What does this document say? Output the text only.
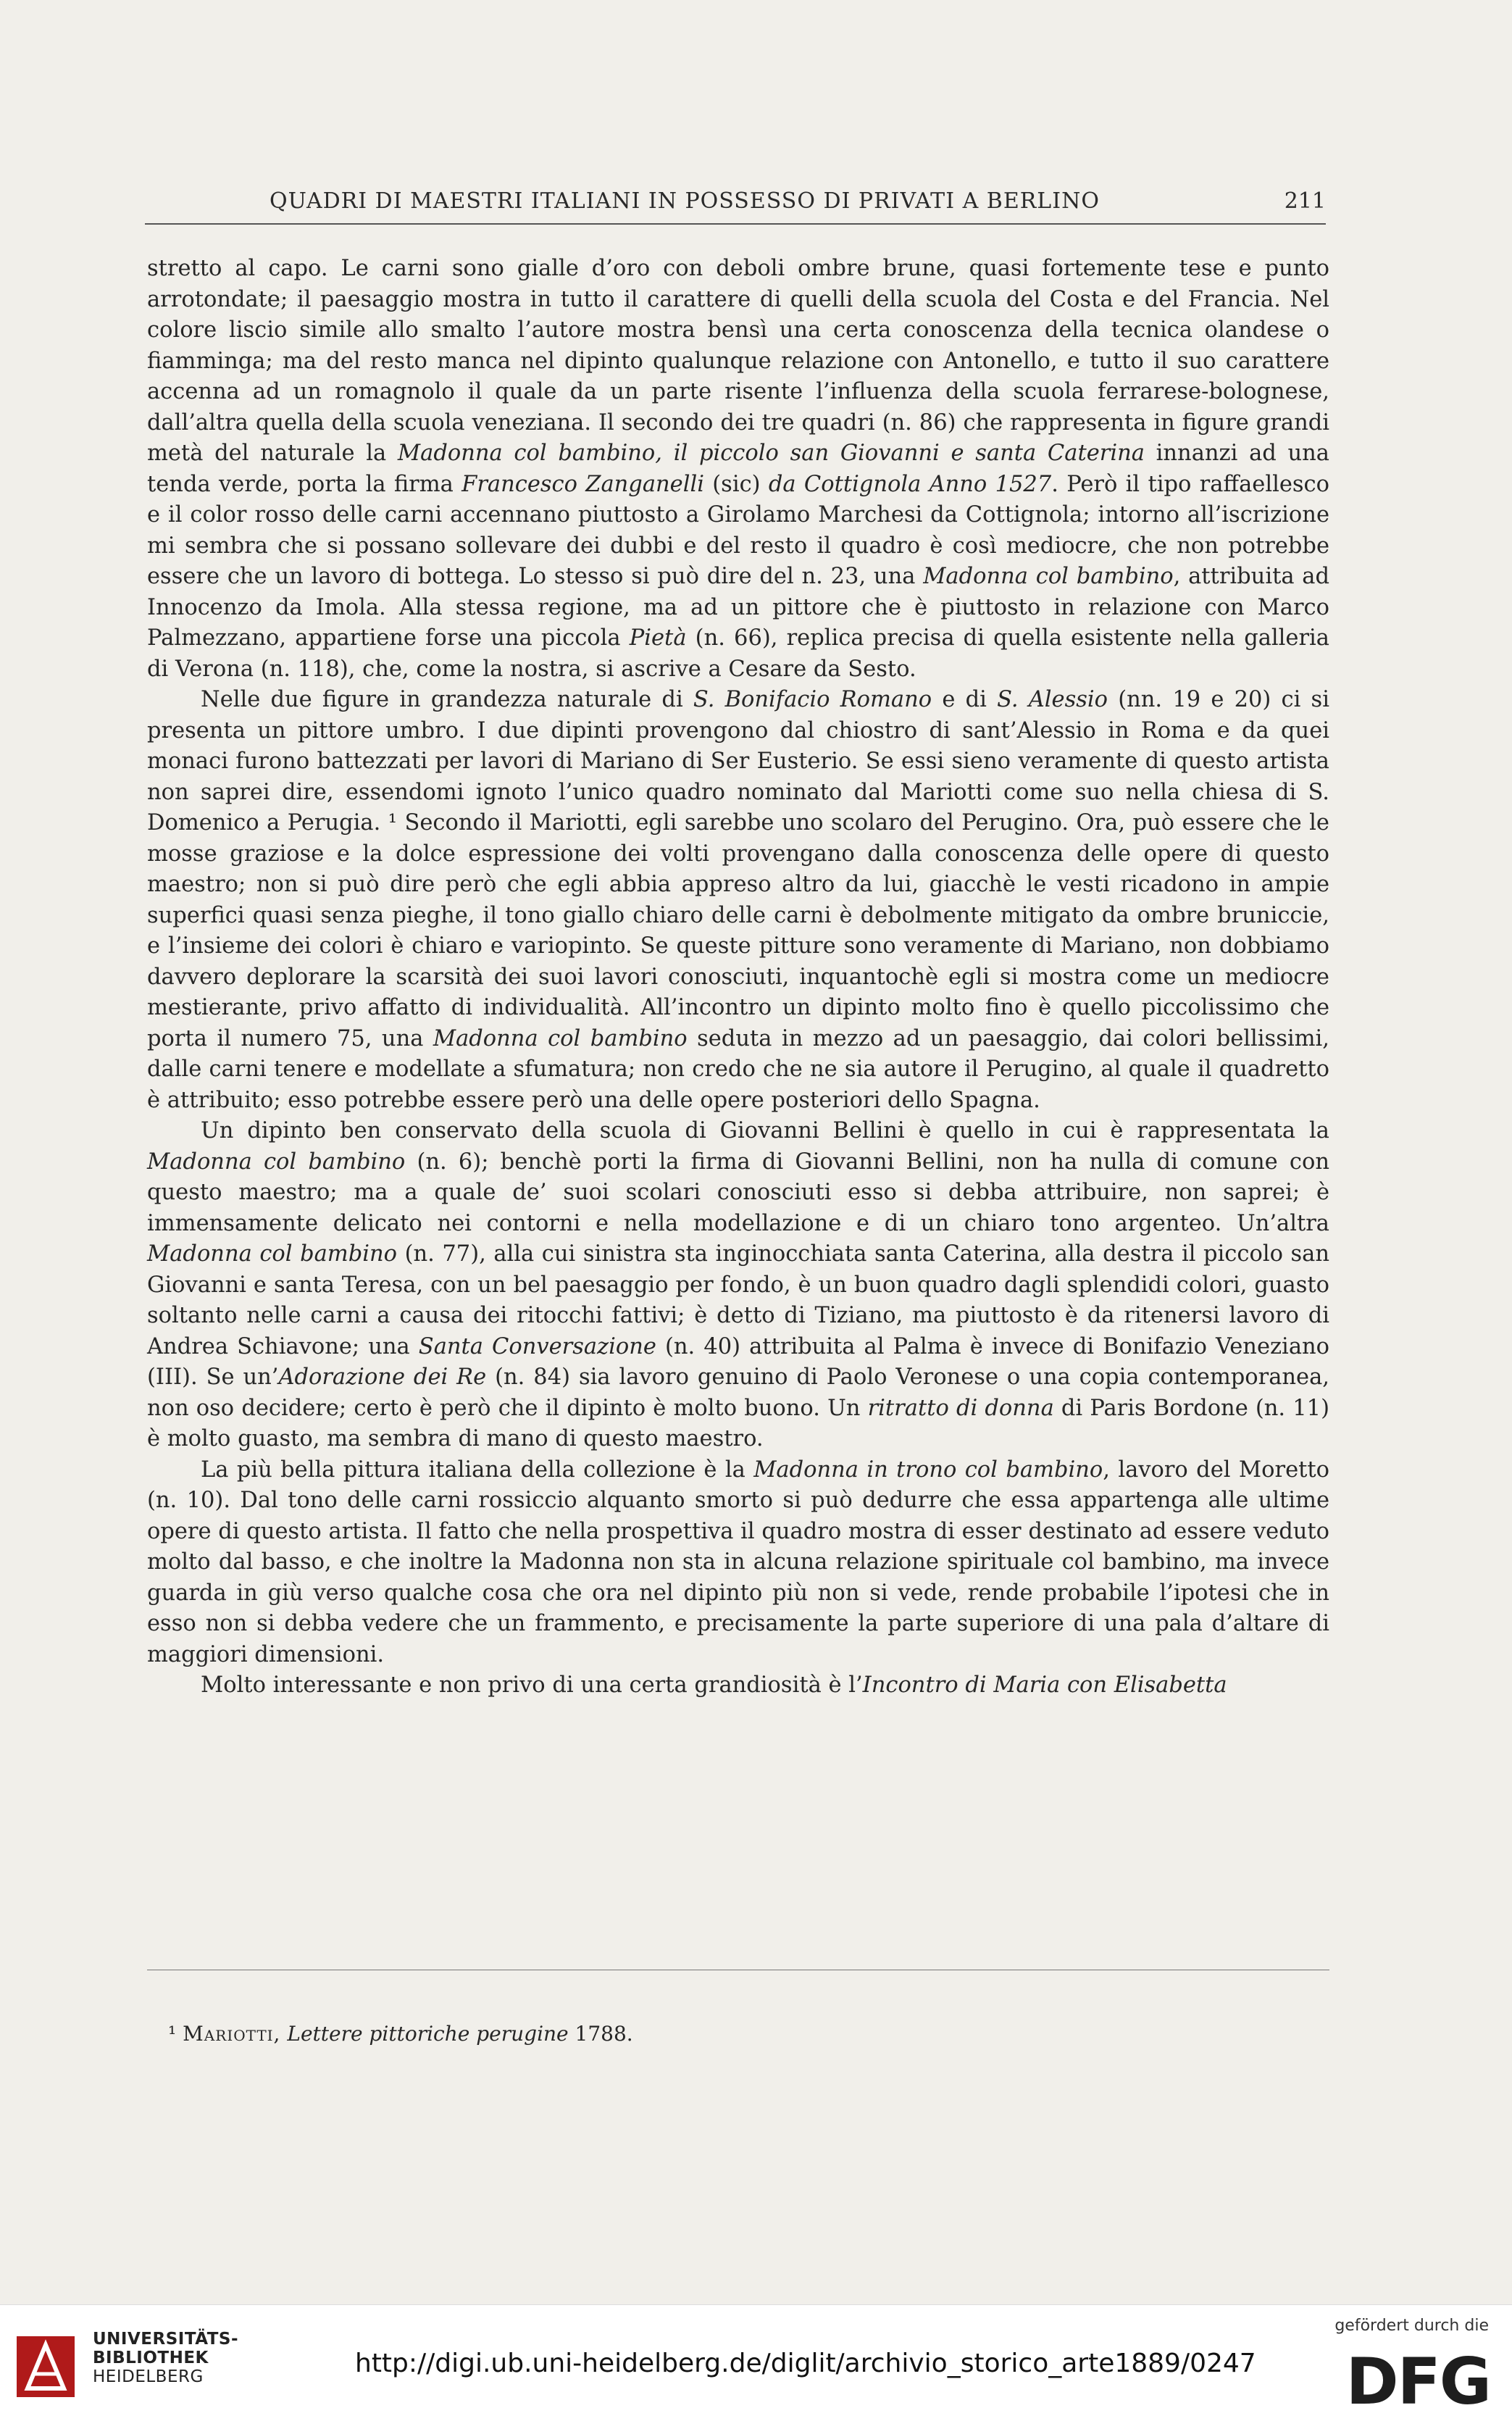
QUADRI DI MAESTRI ITALIANI IN POSSESSO DI PRIVATI A BERLINO	211

stretto al capo. Le carni sono gialle d’oro con deboli ombre brune, quasi fortemente tese e punto arrotondate; il paesaggio mostra in tutto il carattere di quelli della scuola del Costa e del Francia. Nel colore liscio simile allo smalto l’autore mostra bensì una certa conoscenza della tecnica olandese o fiamminga; ma del resto manca nel dipinto qualunque relazione con Antonello, e tutto il suo carattere accenna ad un romagnolo il quale da un parte risente l’influenza della scuola ferrarese-bolognese, dall’altra quella della scuola veneziana. Il secondo dei tre quadri (n. 86) che rappresenta in figure grandi metà del naturale la Madonna col bambino, il piccolo san Giovanni e santa Caterina innanzi ad una tenda verde, porta la firma Francesco Zanganelli (sic) da Cottignola Anno 1527. Però il tipo raffaellesco e il color rosso delle carni accennano piuttosto a Girolamo Marchesi da Cottignola; intorno all’iscrizione mi sembra che si possano sollevare dei dubbi e del resto il quadro è così mediocre, che non potrebbe essere che un lavoro di bottega. Lo stesso si può dire del n. 23, una Madonna col bambino, attribuita ad Innocenzo da Imola. Alla stessa regione, ma ad un pittore che è piuttosto in relazione con Marco Palmezzano, appartiene forse una piccola Pietà (n. 66), replica precisa di quella esistente nella galleria di Verona (n. 118), che, come la nostra, si ascrive a Cesare da Sesto.

Nelle due figure in grandezza naturale di S. Bonifacio Romano e di S. Alessio (nn. 19 e 20) ci si presenta un pittore umbro. I due dipinti provengono dal chiostro di sant’Alessio in Roma e da quei monaci furono battezzati per lavori di Mariano di Ser Eusterio. Se essi sieno veramente di questo artista non saprei dire, essendomi ignoto l’unico quadro nominato dal Mariotti come suo nella chiesa di S. Domenico a Perugia. ¹ Secondo il Mariotti, egli sarebbe uno scolaro del Perugino. Ora, può essere che le mosse graziose e la dolce espressione dei volti provengano dalla conoscenza delle opere di questo maestro; non si può dire però che egli abbia appreso altro da lui, giacchè le vesti ricadono in ampie superfici quasi senza pieghe, il tono giallo chiaro delle carni è debolmente mitigato da ombre bruniccie, e l’insieme dei colori è chiaro e variopinto. Se queste pitture sono veramente di Mariano, non dobbiamo davvero deplorare la scarsità dei suoi lavori conosciuti, inquantochè egli si mostra come un mediocre mestierante, privo affatto di individualità. All’incontro un dipinto molto fino è quello piccolissimo che porta il numero 75, una Madonna col bambino seduta in mezzo ad un paesaggio, dai colori bellissimi, dalle carni tenere e modellate a sfumatura; non credo che ne sia autore il Perugino, al quale il quadretto è attribuito; esso potrebbe essere però una delle opere posteriori dello Spagna.

Un dipinto ben conservato della scuola di Giovanni Bellini è quello in cui è rappresentata la Madonna col bambino (n. 6); benchè porti la firma di Giovanni Bellini, non ha nulla di comune con questo maestro; ma a quale de’ suoi scolari conosciuti esso si debba attribuire, non saprei; è immensamente delicato nei contorni e nella modellazione e di un chiaro tono argenteo. Un’altra Madonna col bambino (n. 77), alla cui sinistra sta inginocchiata santa Caterina, alla destra il piccolo san Giovanni e santa Teresa, con un bel paesaggio per fondo, è un buon quadro dagli splendidi colori, guasto soltanto nelle carni a causa dei ritocchi fattivi; è detto di Tiziano, ma piuttosto è da ritenersi lavoro di Andrea Schiavone; una Santa Conversazione (n. 40) attribuita al Palma è invece di Bonifazio Veneziano (III). Se un’Adorazione dei Re (n. 84) sia lavoro genuino di Paolo Veronese o una copia contemporanea, non oso decidere; certo è però che il dipinto è molto buono. Un ritratto di donna di Paris Bordone (n. 11) è molto guasto, ma sembra di mano di questo maestro.

La più bella pittura italiana della collezione è la Madonna in trono col bambino, lavoro del Moretto (n. 10). Dal tono delle carni rossiccio alquanto smorto si può dedurre che essa appartenga alle ultime opere di questo artista. Il fatto che nella prospettiva il quadro mostra di esser destinato ad essere veduto molto dal basso, e che inoltre la Madonna non sta in alcuna relazione spirituale col bambino, ma invece guarda in giù verso qualche cosa che ora nel dipinto più non si vede, rende probabile l’ipotesi che in esso non si debba vedere che un frammento, e precisamente la parte superiore di una pala d’altare di maggiori dimensioni.

Molto interessante e non privo di una certa grandiosità è l’Incontro di Maria con Elisabetta

¹ Mariotti, Lettere pittoriche perugine 1788.
UNIVERSITÄTS-
BIBLIOTHEK
HEIDELBERG	http://digi.ub.uni-heidelberg.de/diglit/archivio_storico_arte1889/0247
gefördert durch die
DFG
